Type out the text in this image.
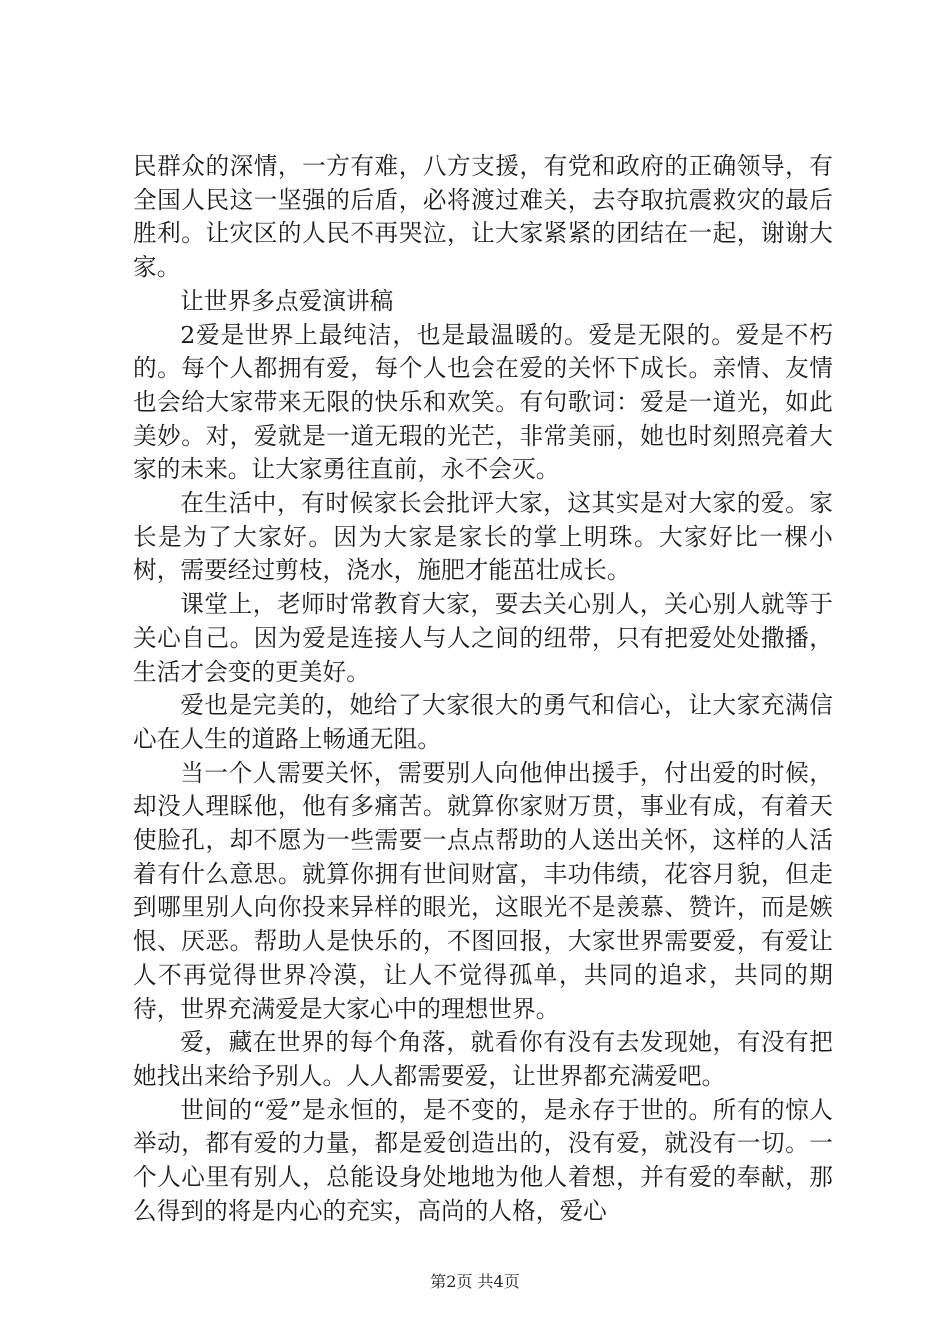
民群众的深情，一方有难，八方支援，有党和政府的正确领导，有全国人民这一坚强的后盾，必将渡过难关，去夺取抗震救灾的最后胜利。让灾区的人民不再哭泣，让大家紧紧的团结在一起，谢谢大家。

让世界多点爱演讲稿

2爱是世界上最纯洁，也是最温暖的。爱是无限的。爱是不朽的。每个人都拥有爱，每个人也会在爱的关怀下成长。亲情、友情也会给大家带来无限的快乐和欢笑。有句歌词：爱是一道光，如此美妙。对，爱就是一道无瑕的光芒，非常美丽，她也时刻照亮着大家的未来。让大家勇往直前，永不会灭。

在生活中，有时候家长会批评大家，这其实是对大家的爱。家长是为了大家好。因为大家是家长的掌上明珠。大家好比一棵小树，需要经过剪枝，浇水，施肥才能茁壮成长。

课堂上，老师时常教育大家，要去关心别人，关心别人就等于关心自己。因为爱是连接人与人之间的纽带，只有把爱处处撒播，生活才会变的更美好。

爱也是完美的，她给了大家很大的勇气和信心，让大家充满信心在人生的道路上畅通无阻。

当一个人需要关怀，需要别人向他伸出援手，付出爱的时候，却没人理睬他，他有多痛苦。就算你家财万贯，事业有成，有着天使脸孔，却不愿为一些需要一点点帮助的人送出关怀，这样的人活着有什么意思。就算你拥有世间财富，丰功伟绩，花容月貌，但走到哪里别人向你投来异样的眼光，这眼光不是羡慕、赞许，而是嫉恨、厌恶。帮助人是快乐的，不图回报，大家世界需要爱，有爱让人不再觉得世界冷漠，让人不觉得孤单，共同的追求，共同的期待，世界充满爱是大家心中的理想世界。

爱，藏在世界的每个角落，就看你有没有去发现她，有没有把她找出来给予别人。人人都需要爱，让世界都充满爱吧。

世间的“爱”是永恒的，是不变的，是永存于世的。所有的惊人举动，都有爱的力量，都是爱创造出的，没有爱，就没有一切。一个人心里有别人，总能设身处地地为他人着想，并有爱的奉献，那么得到的将是内心的充实，高尚的人格，爱心

第2页 共4页
